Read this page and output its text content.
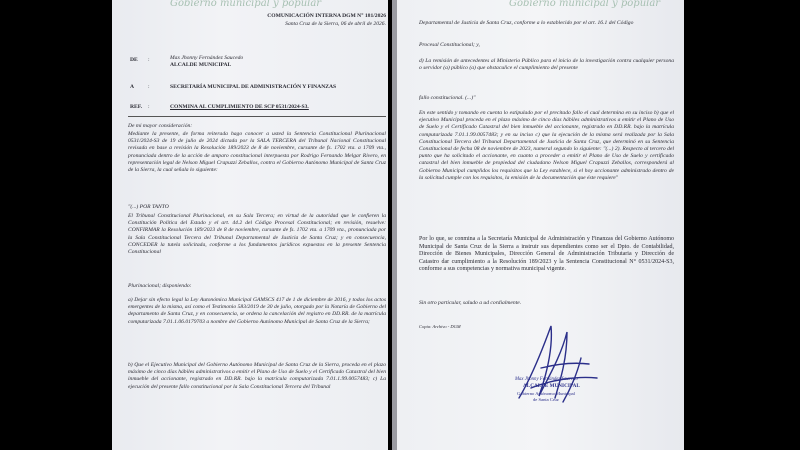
Gobierno municipal y popular
COMUNICACIÓN INTERNA DGM N° 181/2026
Santa Cruz de la Sierra, 06 de abril de 2026.
DE :	Max Jhonny Fernández Saucedo
ALCALDE MUNICIPAL
A :	SECRETARÍA MUNICIPAL DE ADMINISTRACIÓN Y FINANZAS
REF. :	CONMINA AL CUMPLIMIENTO DE SCP 0531/2024-S3.
De mi mayor consideración:

Mediante la presente, de forma reiterada hago conocer a usted la Sentencia Constitucional Plurinacional 0531/2024-S3 de 19 de julio de 2024 dictada por la SALA TERCERA del Tribunal Nacional Constitucional revisada en base a revisión la Resolución 189/2023 de 8 de noviembre, cursante de fs. 1702 vta. a 1709 vta., pronunciada dentro de la acción de amparo constitucional interpuesta por Rodrigo Fernando Melgar Rivero, en representación legal de Nelson Miguel Crapuzzi Zeballos, contra el Gobierno Autónomo Municipal de Santa Cruz de la Sierra, la cual señala lo siguiente:

"(...) POR TANTO

El Tribunal Constitucional Plurinacional, en su Sala Tercera; en virtud de la autoridad que le confieren la Constitución Política del Estado y el art. 44.2 del Código Procesal Constitucional; en revisión, resuelve: CONFIRMAR la Resolución 189/2023 de 8 de noviembre, cursante de fs. 1702 vta. a 1709 vta., pronunciada por la Sala Constitucional Tercera del Tribunal Departamental de Justicia de Santa Cruz; y en consecuencia, CONCEDER la tutela solicitada, conforme a los fundamentos jurídicos expuestos en la presente Sentencia Constitucional

Plurinacional; disponiendo:

a) Dejar sin efecto legal la Ley Autonómica Municipal GAMSCS 417 de 1 de diciembre de 2016, y todos los actos emergentes de la misma, así como el Testimonio 583/2019 de 30 de julio, otorgado por la Notaría de Gobierno del departamento de Santa Cruz, y en consecuencia, se ordena la cancelación del registro en DD.RR. de la matrícula computarizada 7.01.1.06.0179703 a nombre del Gobierno Autónomo Municipal de Santa Cruz de la Sierra;

b) Que el Ejecutivo Municipal del Gobierno Autónomo Municipal de Santa Cruz de la Sierra, proceda en el plazo máximo de cinco días hábiles administrativos a emitir el Plano de Uso de Suelo y el Certificado Catastral del bien inmueble del accionante, registrado en DD.RR. bajo la matrícula computarizada 7.01.1.99.0057483; c) La ejecución del presente fallo constitucional por la Sala Constitucional Tercera del Tribunal

Gobierno municipal y popular

Departamental de Justicia de Santa Cruz, conforme a lo establecido por el art. 16.1 del Código

Procesal Constitucional; y,

d) La remisión de antecedentes al Ministerio Público para el inicio de la investigación contra cualquier persona o servidor (a) público (a) que obstaculice el cumplimiento del presente

fallo constitucional. (...)"

En este sentido y tomando en cuenta lo estipulado por el precitado fallo el cual determina en su inciso b) que el ejecutivo Municipal proceda en el plazo máximo de cinco días hábiles administrativos a emitir el Plano de Uso de Suelo y el Certificado Catastral del bien inmueble del accionante, registrado en DD.RR. bajo la matrícula computarizada 7.01.1.99.0057483; y en su inciso c) que la ejecución de la misma será realizada por la Sala Constitucional Tercera del Tribunal Departamental de Justicia de Santa Cruz, que determinó en su Sentencia Constitucional de fecha 08 de noviembre de 2023, numeral segundo lo siguiente: "(...) 2). Respecto al tercero del punto que ha solicitado el accionante, en cuanto a proceder a emitir el Plano de Uso de Suelo y certificado catastral del bien inmueble de propiedad del ciudadano Nelson Miguel Crapuzzi Zeballos, corresponderá al Gobierno Municipal cumplidos los requisitos que la Ley establece, si el hoy accionante administrado dentro de la solicitud cumple con los requisitos, la emisión de la documentación que éste requiere"

Por lo que, se conmina a la Secretaría Municipal de Administración y Finanzas del Gobierno Autónomo Municipal de Santa Cruz de la Sierra a instruir sus dependientes como ser el Dpto. de Contabilidad, Dirección de Bienes Municipales, Dirección General de Administración Tributaria y Dirección de Catastro dar cumplimiento a la Resolución 189/2023 y la Sentencia Constitucional N° 0531/2024-S3, conforme a sus competencias y normativa municipal vigente.

Sin otro particular, saludo a ud cordialmente.
Copia: Archivo - DGM
Max Jhonny Fernández Saucedo
ALCALDE MUNICIPAL
Gobierno Autónomo Municipal
de Santa Cruz
